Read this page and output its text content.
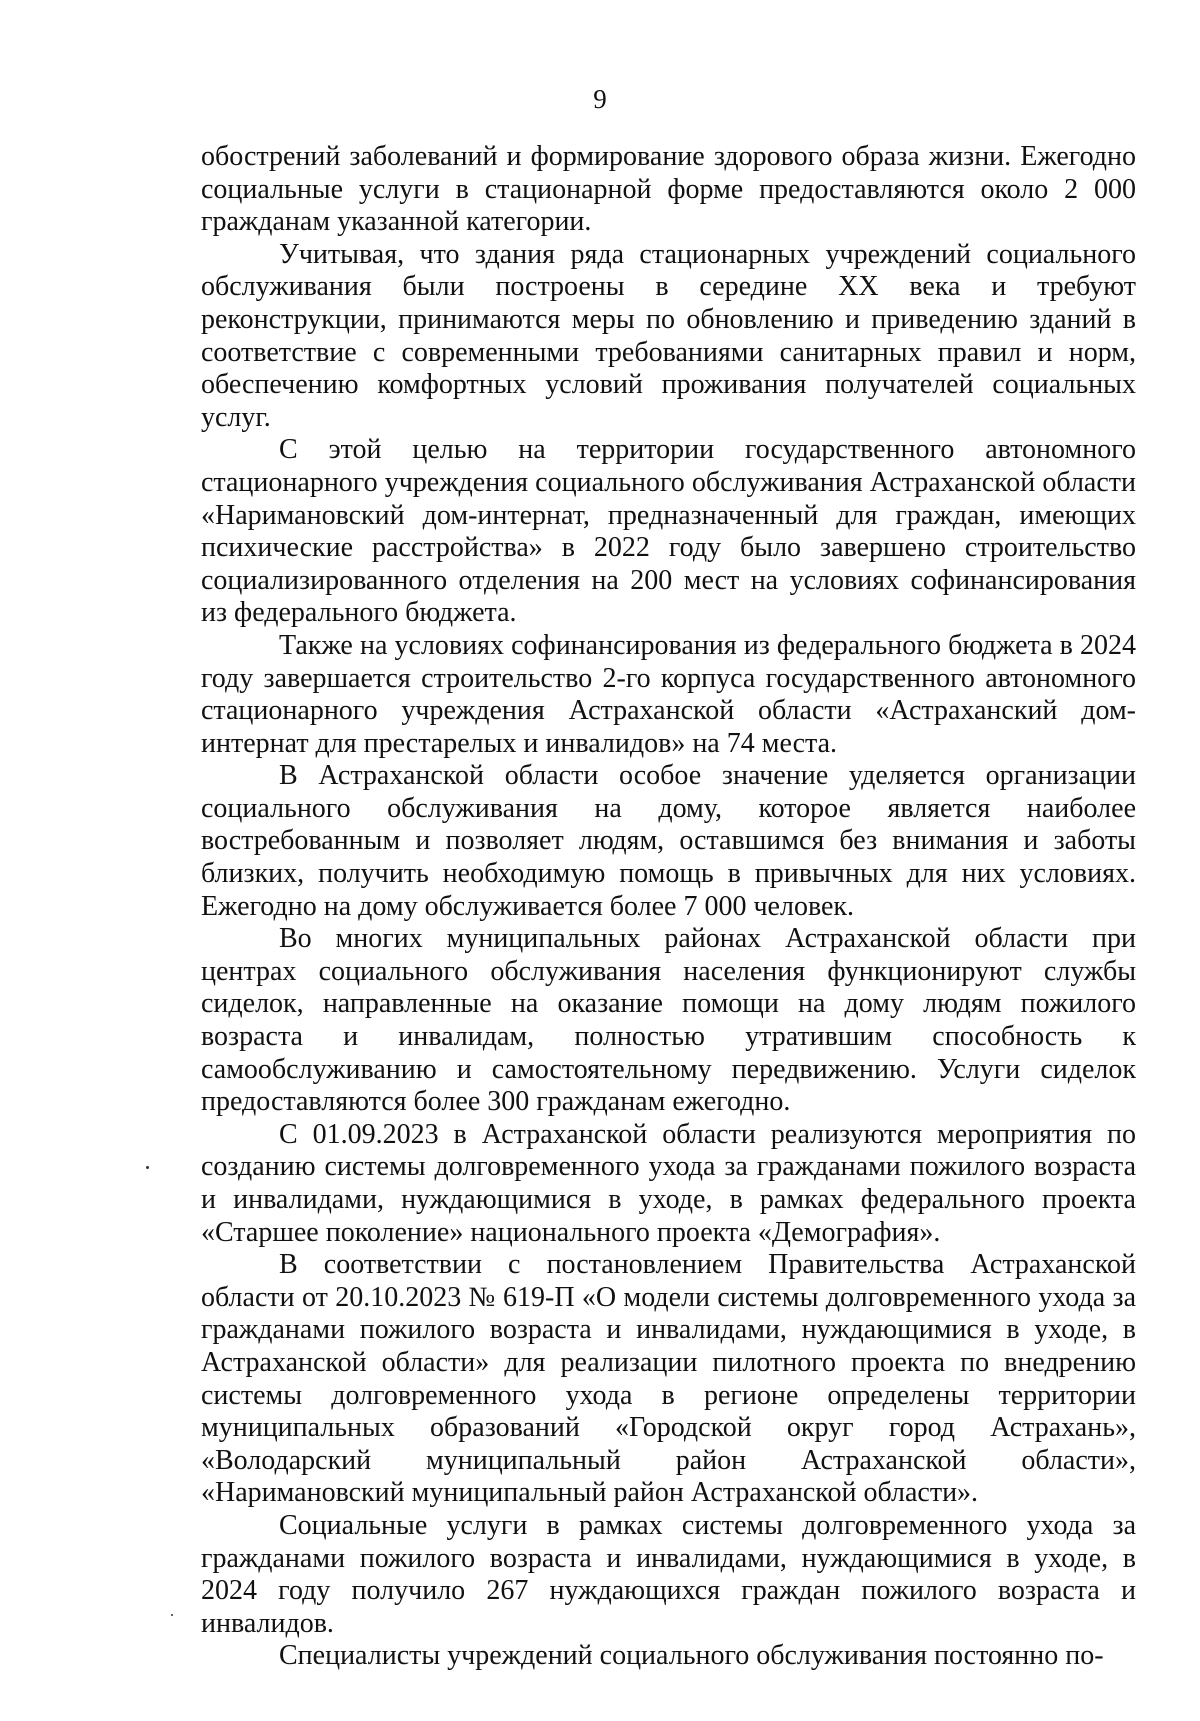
9

обострений заболеваний и формирование здорового образа жизни. Ежегодно социальные услуги в стационарной форме предоставляются около 2 000 гражданам указанной категории.

Учитывая, что здания ряда стационарных учреждений социального обслуживания были построены в середине XX века и требуют реконструкции, принимаются меры по обновлению и приведению зданий в соответствие с современными требованиями санитарных правил и норм, обеспечению комфортных условий проживания получателей социальных услуг.

С этой целью на территории государственного автономного стационарного учреждения социального обслуживания Астраханской области «Наримановский дом-интернат, предназначенный для граждан, имеющих психические расстройства» в 2022 году было завершено строительство социализированного отделения на 200 мест на условиях софинансирования из федерального бюджета.

Также на условиях софинансирования из федерального бюджета в 2024 году завершается строительство 2-го корпуса государственного автономного стационарного учреждения Астраханской области «Астраханский дом-интернат для престарелых и инвалидов» на 74 места.

В Астраханской области особое значение уделяется организации социального обслуживания на дому, которое является наиболее востребованным и позволяет людям, оставшимся без внимания и заботы близких, получить необходимую помощь в привычных для них условиях. Ежегодно на дому обслуживается более 7 000 человек.

Во многих муниципальных районах Астраханской области при центрах социального обслуживания населения функционируют службы сиделок, направленные на оказание помощи на дому людям пожилого возраста и инвалидам, полностью утратившим способность к самообслуживанию и самостоятельному передвижению. Услуги сиделок предоставляются более 300 гражданам ежегодно.

С 01.09.2023 в Астраханской области реализуются мероприятия по созданию системы долговременного ухода за гражданами пожилого возраста и инвалидами, нуждающимися в уходе, в рамках федерального проекта «Старшее поколение» национального проекта «Демография».

В соответствии с постановлением Правительства Астраханской области от 20.10.2023 № 619-П «О модели системы долговременного ухода за гражданами пожилого возраста и инвалидами, нуждающимися в уходе, в Астраханской области» для реализации пилотного проекта по внедрению системы долговременного ухода в регионе определены территории муниципальных образований «Городской округ город Астрахань», «Володарский муниципальный район Астраханской области», «Наримановский муниципальный район Астраханской области».

Социальные услуги в рамках системы долговременного ухода за гражданами пожилого возраста и инвалидами, нуждающимися в уходе, в 2024 году получило 267 нуждающихся граждан пожилого возраста и инвалидов.

Специалисты учреждений социального обслуживания постоянно по-
